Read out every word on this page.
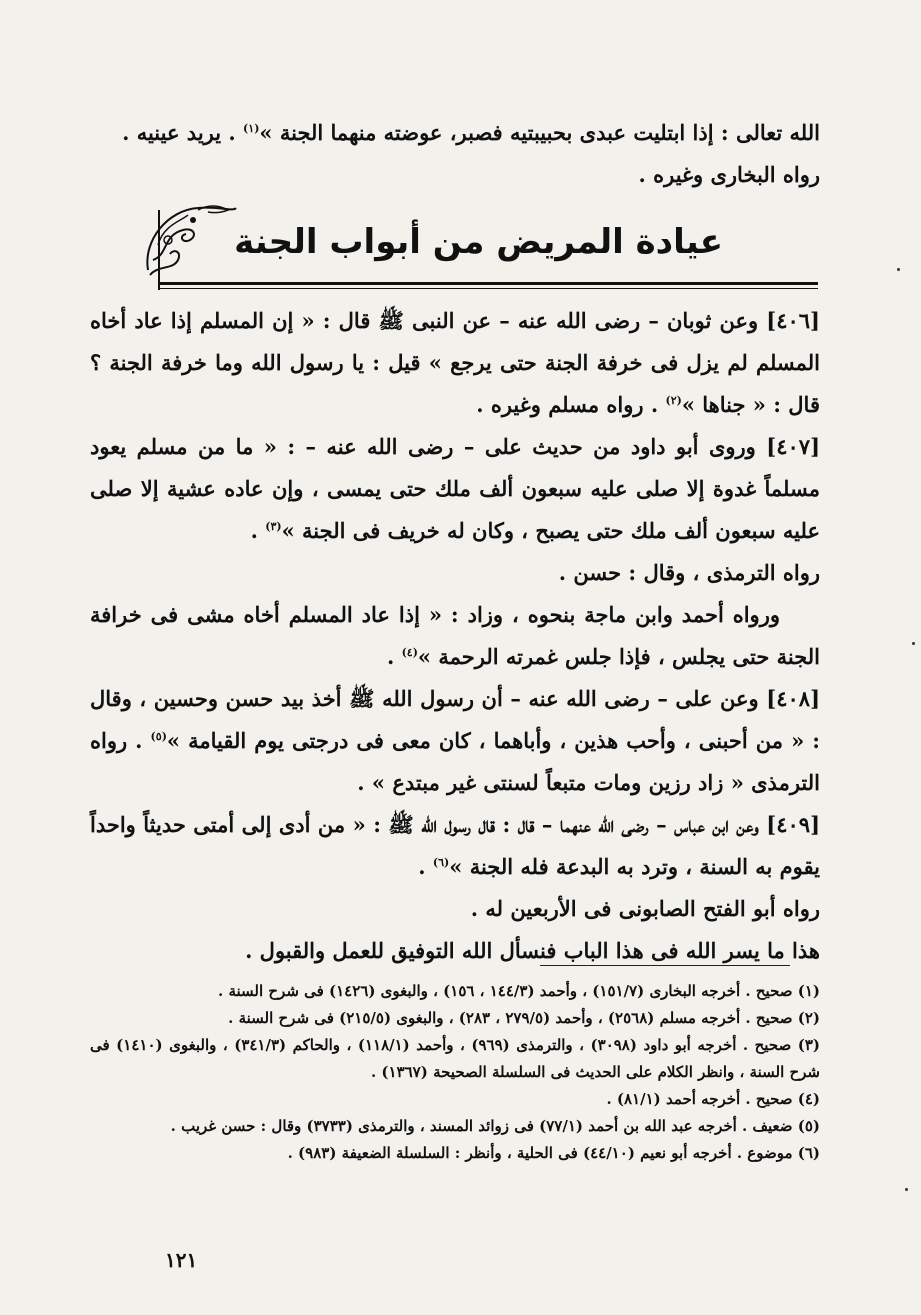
الله تعالى : إذا ابتليت عبدى بحبيبتيه فصبر، عوضته منهما الجنة »$^{(١)}$ . يريد عينيه .
رواه البخارى وغيره .
عيادة المريض من أبواب الجنة
[٤٠٦] وعن ثوبان – رضى الله عنه – عن النبى ﷺ قال : « إن المسلم إذا عاد أخاه المسلم لم يزل فى خرفة الجنة حتى يرجع » قيل : يا رسول الله وما خرفة الجنة ؟ قال : « جناها »$^{(٢)}$ . رواه مسلم وغيره .
[٤٠٧] وروى أبو داود من حديث على – رضى الله عنه – : « ما من مسلم يعود مسلماً غدوة إلا صلى عليه سبعون ألف ملك حتى يمسى ، وإن عاده عشية إلا صلى عليه سبعون ألف ملك حتى يصبح ، وكان له خريف فى الجنة »$^{(٣)}$ .
رواه الترمذى ، وقال : حسن .
ورواه أحمد وابن ماجة بنحوه ، وزاد : « إذا عاد المسلم أخاه مشى فى خرافة الجنة حتى يجلس ، فإذا جلس غمرته الرحمة »$^{(٤)}$ .
[٤٠٨] وعن على – رضى الله عنه – أن رسول الله ﷺ أخذ بيد حسن وحسين ، وقال : « من أحبنى ، وأحب هذين ، وأباهما ، كان معى فى درجتى يوم القيامة »$^{(٥)}$ . رواه الترمذى « زاد رزين ومات متبعاً لسنتى غير مبتدع » .
[٤٠٩] وعن ابن عباس – رضى الله عنهما – قال : قال رسول الله ﷺ : « من أدى إلى أمتى حديثاً واحداً يقوم به السنة ، وترد به البدعة فله الجنة »$^{(٦)}$ .
رواه أبو الفتح الصابونى فى الأربعين له .
هذا ما يسر الله فى هذا الباب فنسأل الله التوفيق للعمل والقبول .

(١) صحيح . أخرجه البخارى (١٥١/٧) ، وأحمد (١٤٤/٣ ، ١٥٦) ، والبغوى (١٤٢٦) فى شرح السنة .

(٢) صحيح . أخرجه مسلم (٢٥٦٨) ، وأحمد (٢٧٩/٥ ، ٢٨٣) ، والبغوى (٢١٥/٥) فى شرح السنة .

(٣) صحيح . أخرجه أبو داود (٣٠٩٨) ، والترمذى (٩٦٩) ، وأحمد (١١٨/١) ، والحاكم (٣٤١/٣) ، والبغوى (١٤١٠) فى شرح السنة ، وانظر الكلام على الحديث فى السلسلة الصحيحة (١٣٦٧) .

(٤) صحيح . أخرجه أحمد (٨١/١) .

(٥) ضعيف . أخرجه عبد الله بن أحمد (٧٧/١) فى زوائد المسند ، والترمذى (٣٧٣٣) وقال : حسن غريب .

(٦) موضوع . أخرجه أبو نعيم (٤٤/١٠) فى الحلية ، وأنظر : السلسلة الضعيفة (٩٨٣) .

١٢١
